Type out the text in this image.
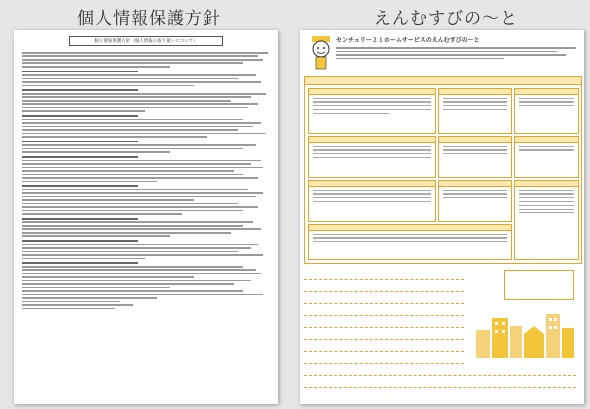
個人情報保護方針	えんむすびの～と
個人情報保護方針（個人情報の取り扱いについて）	センチュリー２１ホームサービスのえんむすびの～と
